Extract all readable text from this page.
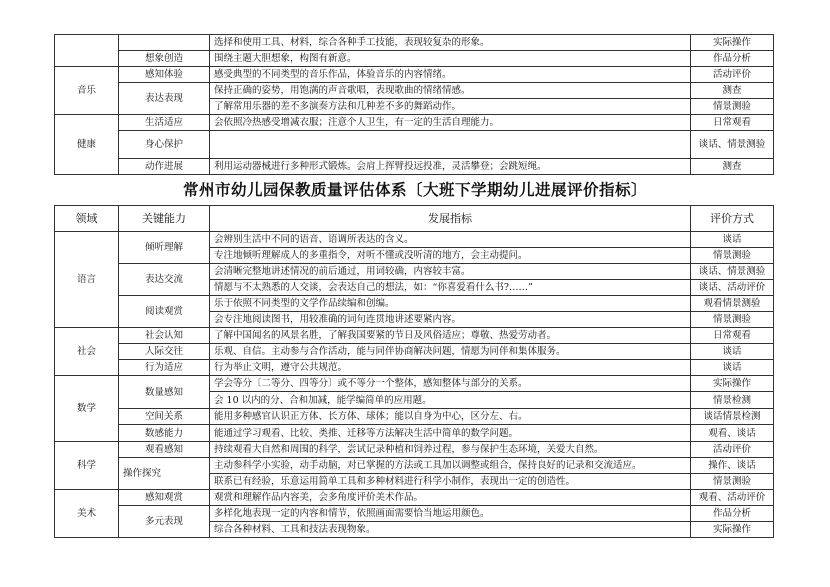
		选择和使用工具、材料，综合各种手工技能，表现较复杂的形象。	实际操作
	想象创造	围绕主题大胆想象，构图有新意。	作品分析
音乐	感知体验	感受典型的不同类型的音乐作品，体验音乐的内容情绪。	活动评价
	表达表现	保持正确的姿势，用饱满的声音歌唱，表现歌曲的情绪情感。	测查
		了解常用乐器的差不多演奏方法和几种差不多的舞蹈动作。	情景测验
健康	生活适应	会依照冷热感受增减衣服；注意个人卫生，有一定的生活自理能力。	日常观看
	身心保护		谈话、情景测验
	动作进展	利用运动器械进行多种形式锻炼。会肩上挥臂投远投准，灵活攀登；会跳短绳。	测查
常州市幼儿园保教质量评估体系〔大班下学期幼儿进展评价指标〕
领域	关键能力	发展指标	评价方式
语言	倾听理解	会辨别生活中不同的语音、语调所表达的含义。	谈话
		专注地倾听理解成人的多重指令，对听不懂或没听清的地方，会主动提问。	情景测验
	表达交流	会清晰完整地讲述情况的前后通过，用词较确，内容较丰富。	谈话、情景测验
		情愿与不太熟悉的人交谈，会表达自己的想法，如：“你喜爱看什么书?……”	谈话、活动评价
	阅读观赏	乐于依照不同类型的文学作品续编和创编。	观看情景测验
		会专注地阅读图书，用较准确的词句连贯地讲述要紧内容。	情景测验
社会	社会认知	了解中国闻名的风景名胜，了解我国要紧的节日及风俗适应；尊敬、热爱劳动者。	日常观看
	人际交往	乐观、自信。主动参与合作活动，能与同伴协商解决问题，情愿为同伴和集体服务。	谈话
	行为适应	行为举止文明，遵守公共规范。	谈话
数学	数量感知	学会等分〔二等分、四等分〕或不等分一个整体，感知整体与部分的关系。	实际操作
		会 10 以内的分、合和加减，能学编简单的应用题。	情景检测
	空间关系	能用多种感官认识正方体、长方体、球体；能以自身为中心，区分左、右。	谈话情景检测
	数感能力	能通过学习观看、比较、类推、迁移等方法解决生活中简单的数学问题。	观看、谈话
科学	观看感知	持续观看大自然和周围的科学，尝试记录种植和饲养过程，参与保护生态环境，关爱大自然。	活动评价
	操作探究	主动参科学小实验，动手动脑，对已掌握的方法或工具加以调整或组合，保持良好的记录和交流适应。	操作、谈话
		联系已有经验，乐意运用简单工具和多种材料进行科学小制作，表现出一定的创造性。	情景测验
美术	感知观赏	观赏和理解作品内容美，会多角度评价美术作品。	观看、活动评价
	多元表现	多样化地表现一定的内容和情节，依照画面需要恰当地运用颜色。	作品分析
		综合各种材料、工具和技法表现物象。	实际操作
